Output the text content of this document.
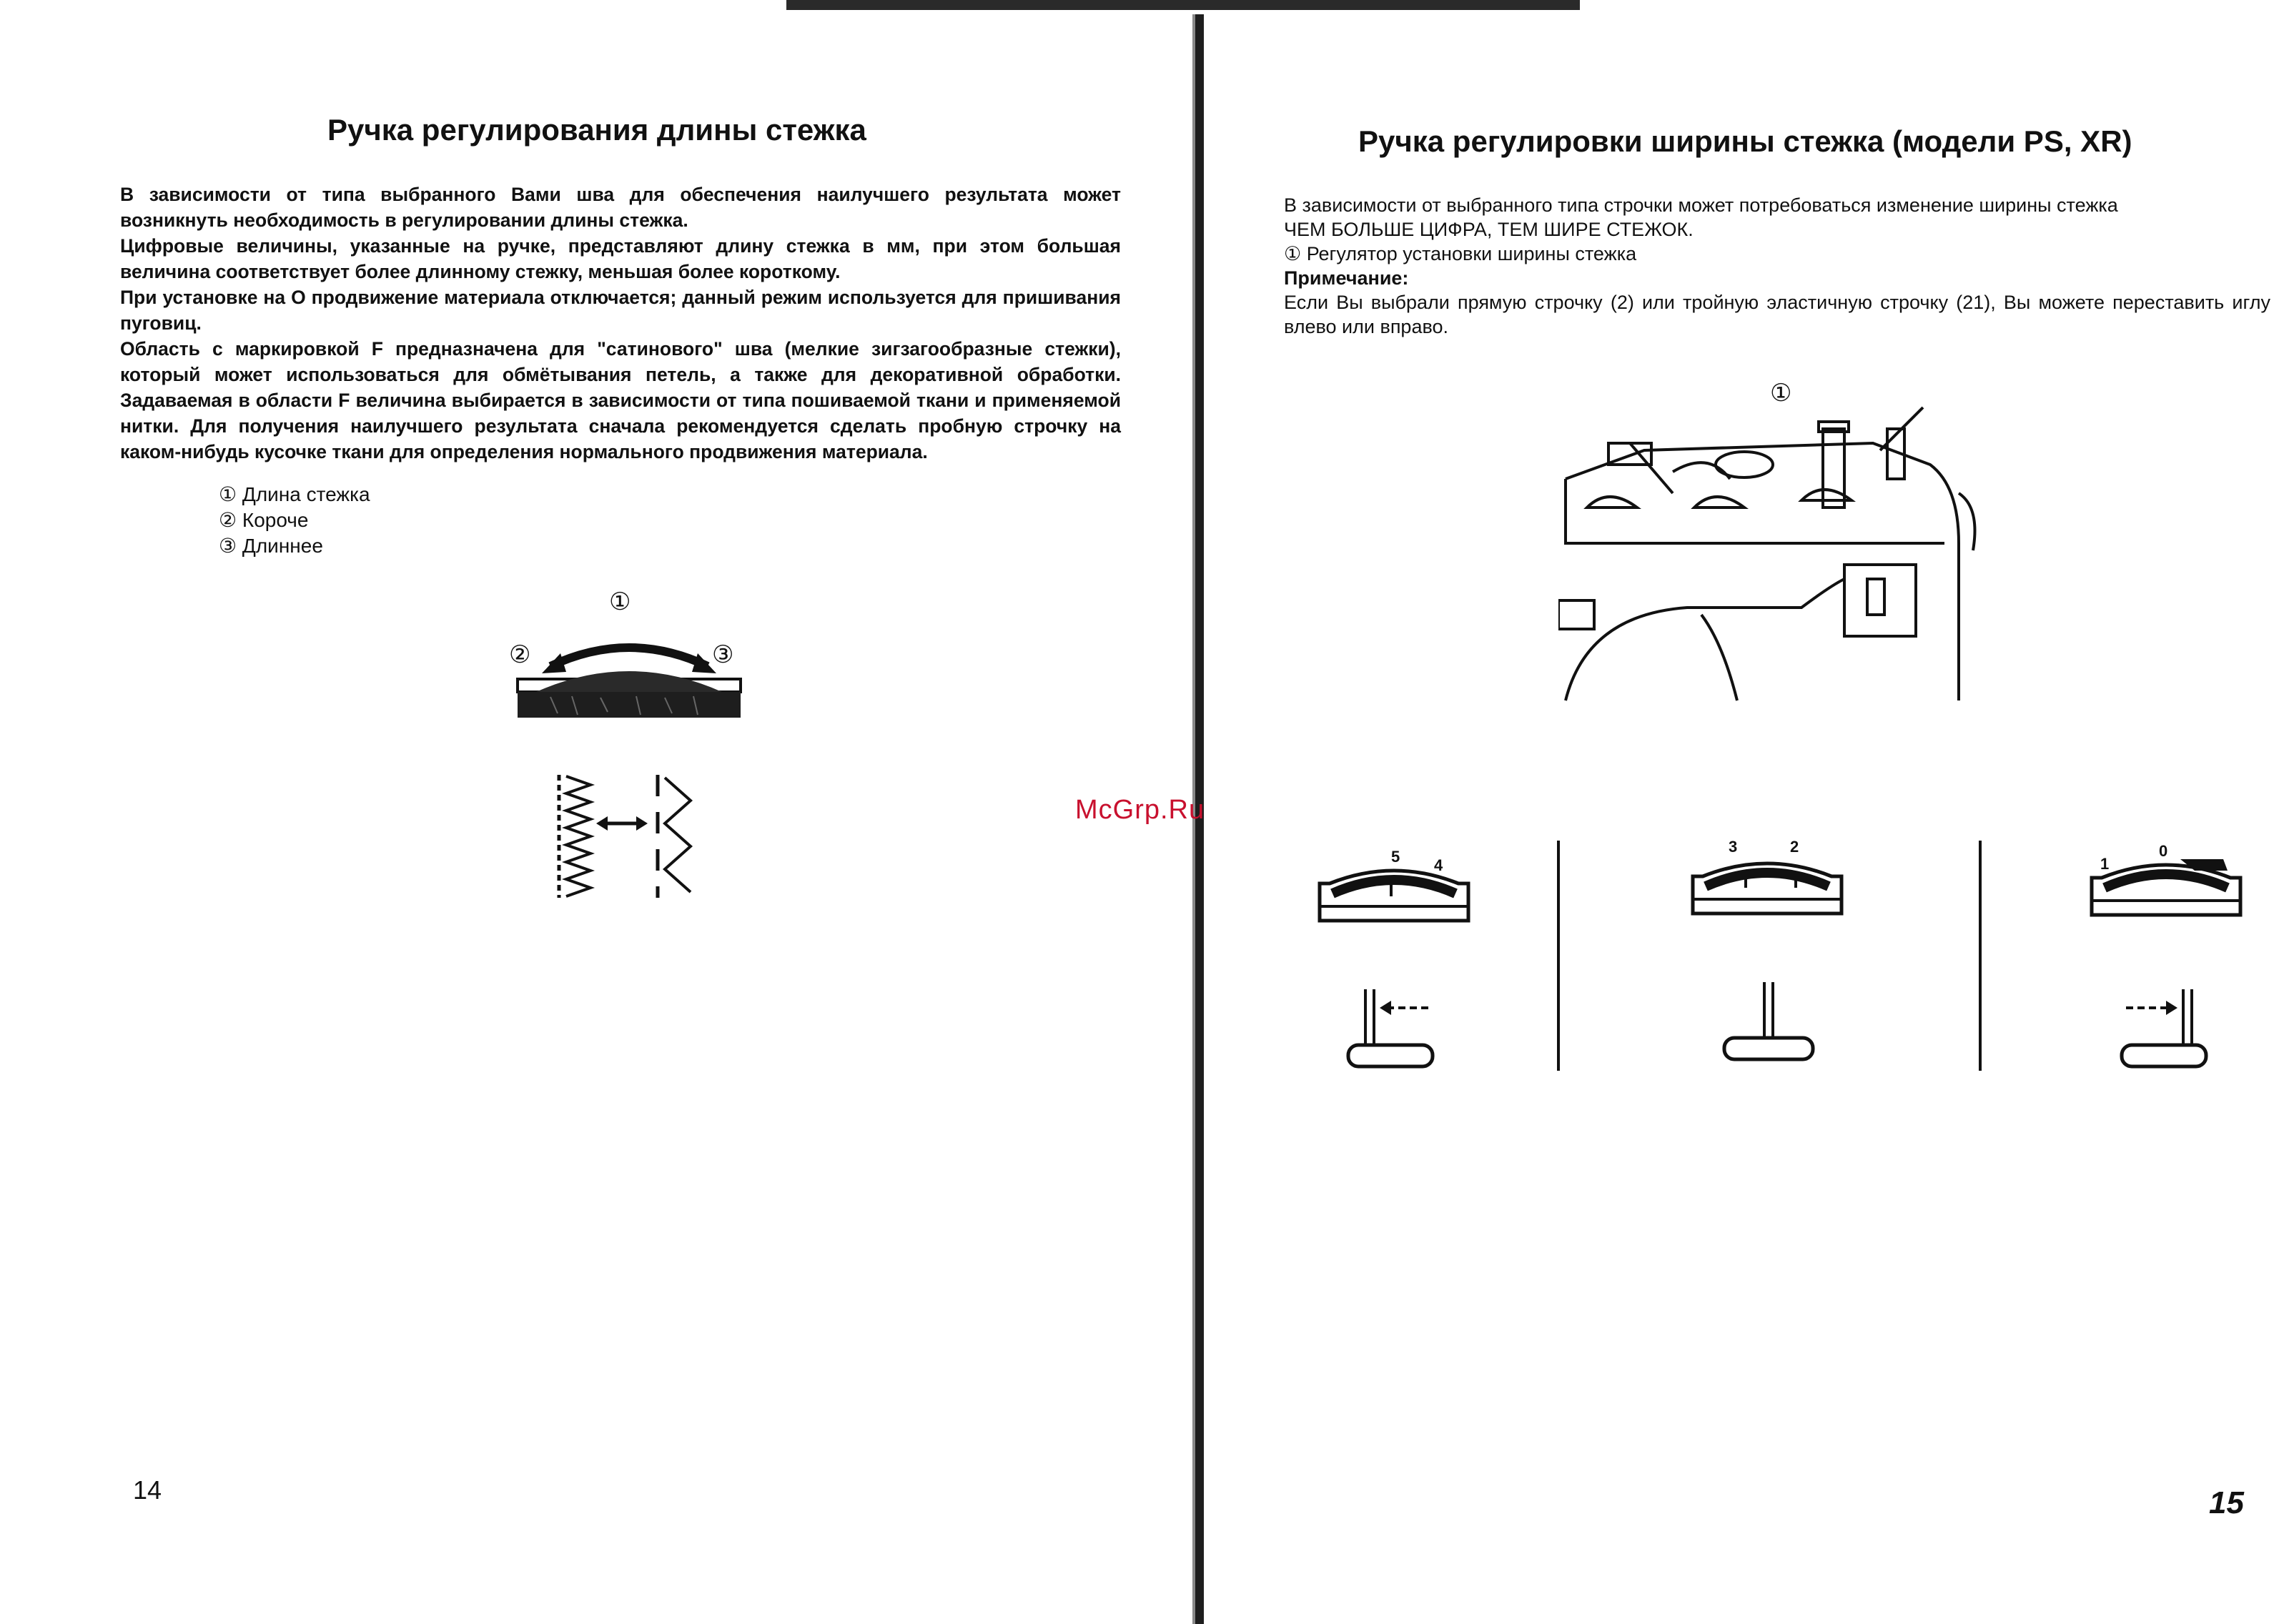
Ручка регулирования длины стежка

В зависимости от типа выбранного Вами шва для обеспечения наилучшего результата может возникнуть необходимость в регулировании длины стежка.

Цифровые величины, указанные на ручке, представляют длину стежка в мм, при этом большая величина соответствует более длинному стежку, меньшая более короткому.

При установке на О продвижение материала отключается; данный режим используется для пришивания пуговиц.

Область с маркировкой F предназначена для "сатинового" шва (мелкие зигзагообразные стежки), который может использоваться для обмётывания петель, а также для декоративной обработки. Задаваемая в области F величина выбирается в зависимости от типа пошиваемой ткани и применяемой нитки. Для получения наилучшего результата сначала рекомендуется сделать пробную строчку на каком-нибудь кусочке ткани для определения нормального продвижения материала.

① Длина стежка
② Короче
③ Длиннее
①
②	③
14
Ручка регулировки ширины стежка (модели PS, XR)
В зависимости от выбранного типа строчки может потребоваться изменение ширины стежка
ЧЕМ БОЛЬШЕ ЦИФРА, ТЕМ ШИРЕ СТЕЖОК.
① Регулятор установки ширины стежка
Примечание:
Если Вы выбрали прямую строчку (2) или тройную эластичную строчку (21), Вы можете переставить иглу влево или вправо.
①
McGrp.Ru
5 4
3	2
1
0
15
